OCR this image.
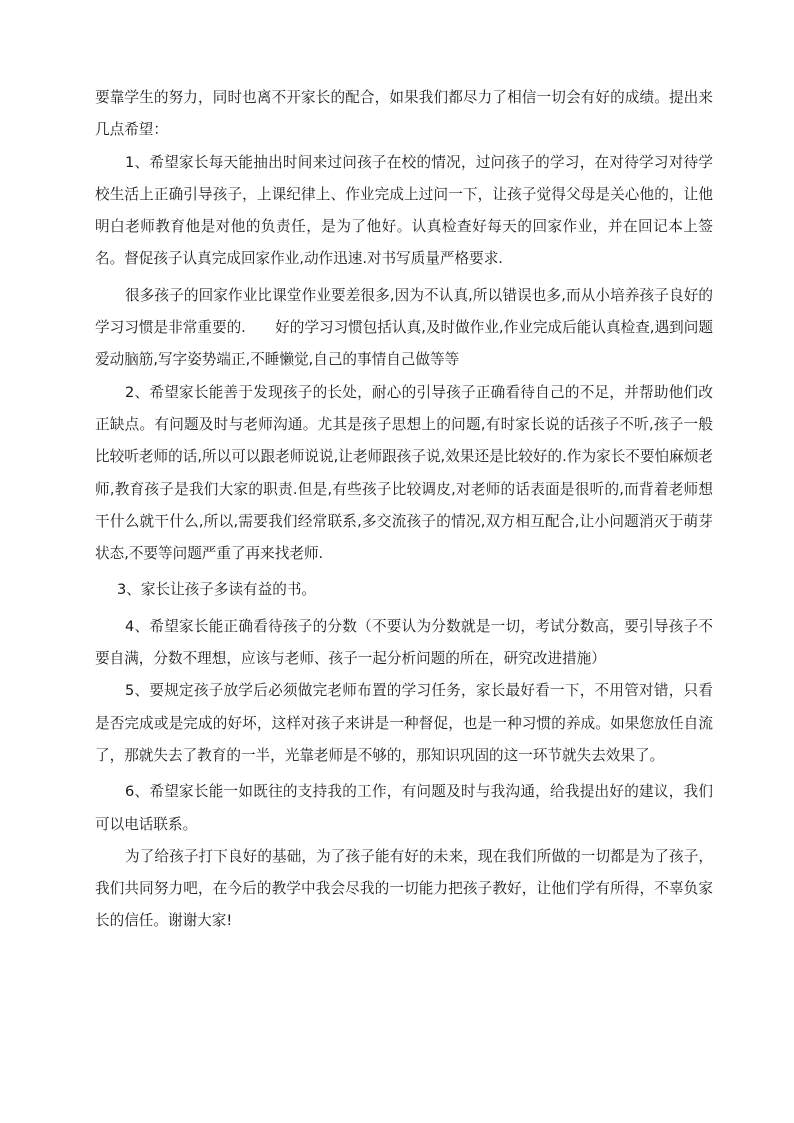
要靠学生的努力，同时也离不开家长的配合，如果我们都尽力了相信一切会有好的成绩。提出来几点希望：

1、希望家长每天能抽出时间来过问孩子在校的情况，过问孩子的学习，在对待学习对待学校生活上正确引导孩子，上课纪律上、作业完成上过问一下，让孩子觉得父母是关心他的，让他明白老师教育他是对他的负责任，是为了他好。认真检查好每天的回家作业，并在回记本上签名。督促孩子认真完成回家作业,动作迅速.对书写质量严格要求.

很多孩子的回家作业比课堂作业要差很多,因为不认真,所以错误也多,而从小培养孩子良好的学习习惯是非常重要的.　　好的学习习惯包括认真,及时做作业,作业完成后能认真检查,遇到问题爱动脑筋,写字姿势端正,不睡懒觉,自己的事情自己做等等

2、希望家长能善于发现孩子的长处，耐心的引导孩子正确看待自己的不足，并帮助他们改正缺点。有问题及时与老师沟通。尤其是孩子思想上的问题,有时家长说的话孩子不听,孩子一般比较听老师的话,所以可以跟老师说说,让老师跟孩子说,效果还是比较好的.作为家长不要怕麻烦老师,教育孩子是我们大家的职责.但是,有些孩子比较调皮,对老师的话表面是很听的,而背着老师想干什么就干什么,所以,需要我们经常联系,多交流孩子的情况,双方相互配合,让小问题消灭于萌芽状态,不要等问题严重了再来找老师.

3、家长让孩子多读有益的书。

4、希望家长能正确看待孩子的分数（不要认为分数就是一切，考试分数高，要引导孩子不要自满，分数不理想，应该与老师、孩子一起分析问题的所在，研究改进措施）

5、要规定孩子放学后必须做完老师布置的学习任务，家长最好看一下，不用管对错，只看是否完成或是完成的好坏，这样对孩子来讲是一种督促，也是一种习惯的养成。如果您放任自流了，那就失去了教育的一半，光靠老师是不够的，那知识巩固的这一环节就失去效果了。

6、希望家长能一如既往的支持我的工作，有问题及时与我沟通，给我提出好的建议，我们可以电话联系。

为了给孩子打下良好的基础，为了孩子能有好的未来，现在我们所做的一切都是为了孩子，我们共同努力吧，在今后的教学中我会尽我的一切能力把孩子教好，让他们学有所得，不辜负家长的信任。谢谢大家!
